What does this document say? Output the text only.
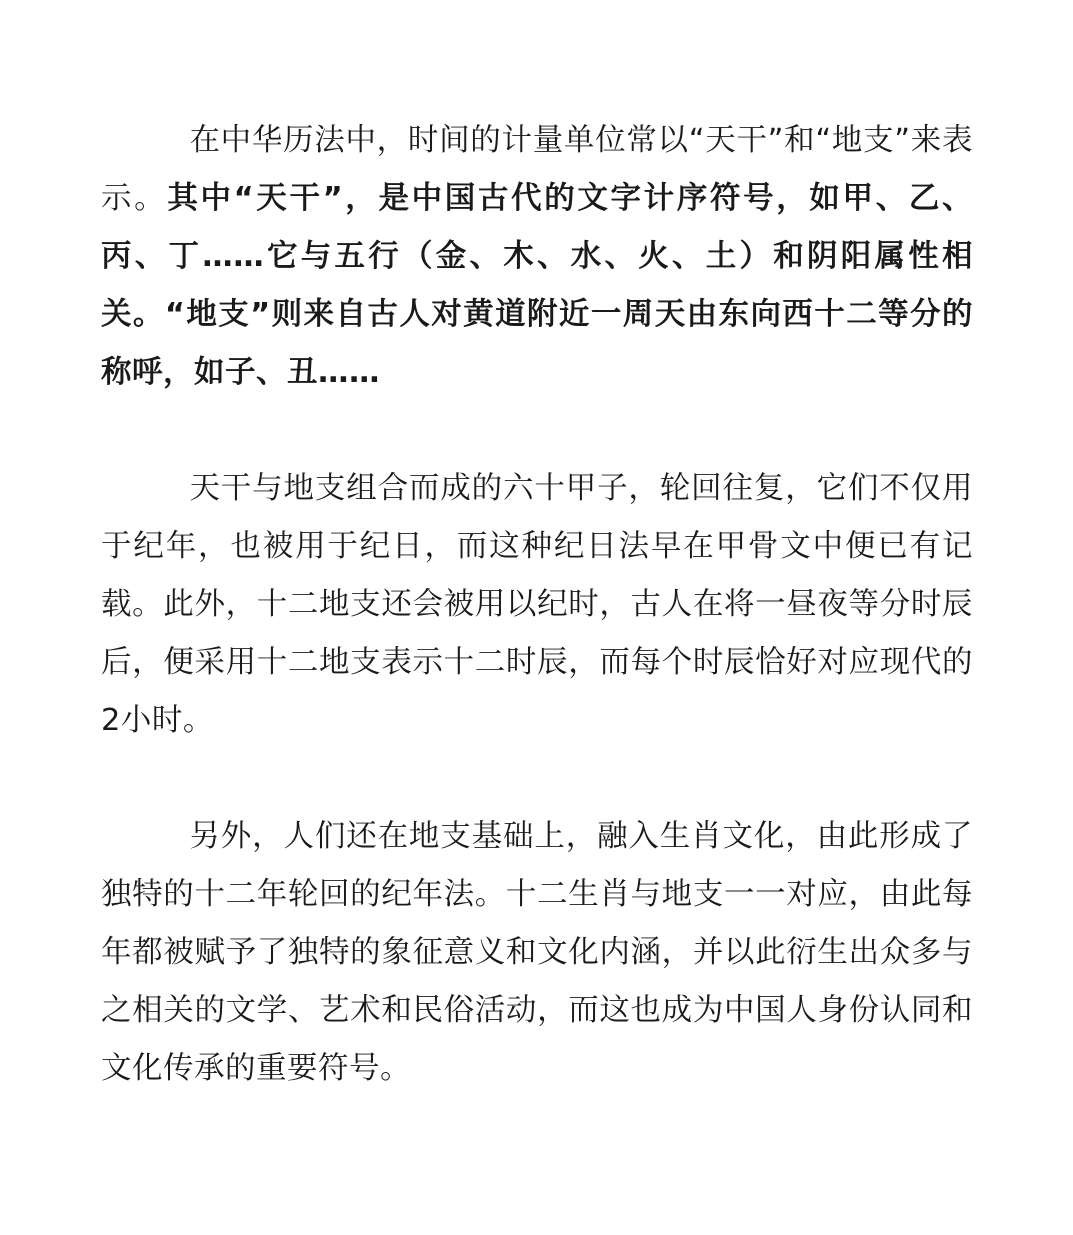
在中华历法中，时间的计量单位常以“天干”和“地支”来表示。其中“天干”，是中国古代的文字计序符号，如甲、乙、丙、丁……它与五行（金、木、水、火、土）和阴阳属性相关。“地支”则来自古人对黄道附近一周天由东向西十二等分的称呼，如子、丑……

天干与地支组合而成的六十甲子，轮回往复，它们不仅用于纪年，也被用于纪日，而这种纪日法早在甲骨文中便已有记载。此外，十二地支还会被用以纪时，古人在将一昼夜等分时辰后，便采用十二地支表示十二时辰，而每个时辰恰好对应现代的2小时。

另外，人们还在地支基础上，融入生肖文化，由此形成了独特的十二年轮回的纪年法。十二生肖与地支一一对应，由此每年都被赋予了独特的象征意义和文化内涵，并以此衍生出众多与之相关的文学、艺术和民俗活动，而这也成为中国人身份认同和文化传承的重要符号。
